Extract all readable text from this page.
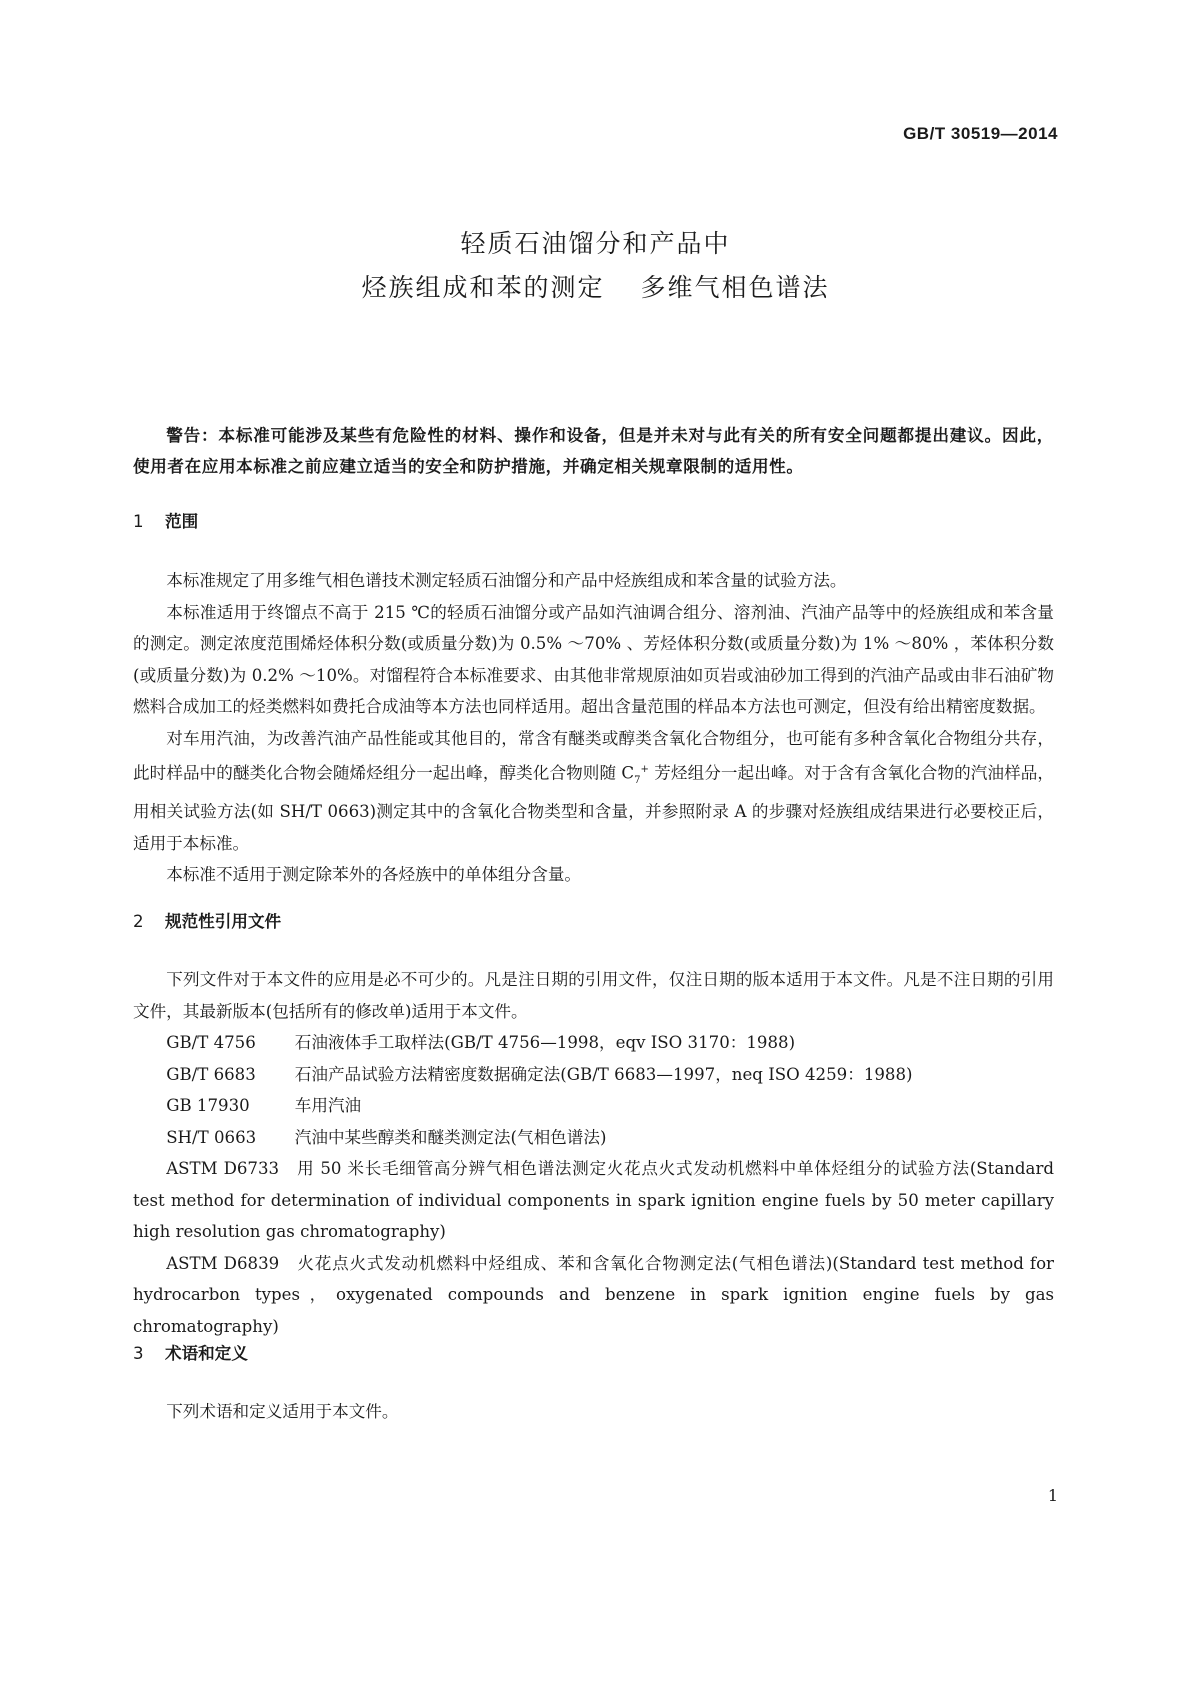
GB/T 30519—2014
轻质石油馏分和产品中
烃族组成和苯的测定 多维气相色谱法
警告：本标准可能涉及某些有危险性的材料、操作和设备，但是并未对与此有关的所有安全问题都提出建议。因此，使用者在应用本标准之前应建立适当的安全和防护措施，并确定相关规章限制的适用性。
1 范围

本标准规定了用多维气相色谱技术测定轻质石油馏分和产品中烃族组成和苯含量的试验方法。

本标准适用于终馏点不高于 215 ℃的轻质石油馏分或产品如汽油调合组分、溶剂油、汽油产品等中的烃族组成和苯含量的测定。测定浓度范围烯烃体积分数(或质量分数)为 0.5% ～70% 、芳烃体积分数(或质量分数)为 1% ～80% ，苯体积分数(或质量分数)为 0.2% ～10%。对馏程符合本标准要求、由其他非常规原油如页岩或油砂加工得到的汽油产品或由非石油矿物燃料合成加工的烃类燃料如费托合成油等本方法也同样适用。超出含量范围的样品本方法也可测定，但没有给出精密度数据。

对车用汽油，为改善汽油产品性能或其他目的，常含有醚类或醇类含氧化合物组分，也可能有多种含氧化合物组分共存，此时样品中的醚类化合物会随烯烃组分一起出峰，醇类化合物则随 $C_7^+$ 芳烃组分一起出峰。对于含有含氧化合物的汽油样品，用相关试验方法(如 SH/T 0663)测定其中的含氧化合物类型和含量，并参照附录 A 的步骤对烃族组成结果进行必要校正后，适用于本标准。

本标准不适用于测定除苯外的各烃族中的单体组分含量。

2 规范性引用文件

下列文件对于本文件的应用是必不可少的。凡是注日期的引用文件，仅注日期的版本适用于本文件。凡是不注日期的引用文件，其最新版本(包括所有的修改单)适用于本文件。

GB/T 4756　 石油液体手工取样法(GB/T 4756—1998，eqv ISO 3170：1988)

GB/T 6683　 石油产品试验方法精密度数据确定法(GB/T 6683—1997，neq ISO 4259：1988)

GB 17930　	车用汽油

SH/T 0663　 汽油中某些醇类和醚类测定法(气相色谱法)

ASTM D6733　用 50 米长毛细管高分辨气相色谱法测定火花点火式发动机燃料中单体烃组分的试验方法(Standard test method for determination of individual components in spark ignition engine fuels by 50 meter capillary high resolution gas chromatography)

ASTM D6839　火花点火式发动机燃料中烃组成、苯和含氧化合物测定法(气相色谱法)(Standard test method for hydrocarbon types，oxygenated compounds and benzene in spark ignition engine fuels by gas chromatography)

3 术语和定义

下列术语和定义适用于本文件。

1
